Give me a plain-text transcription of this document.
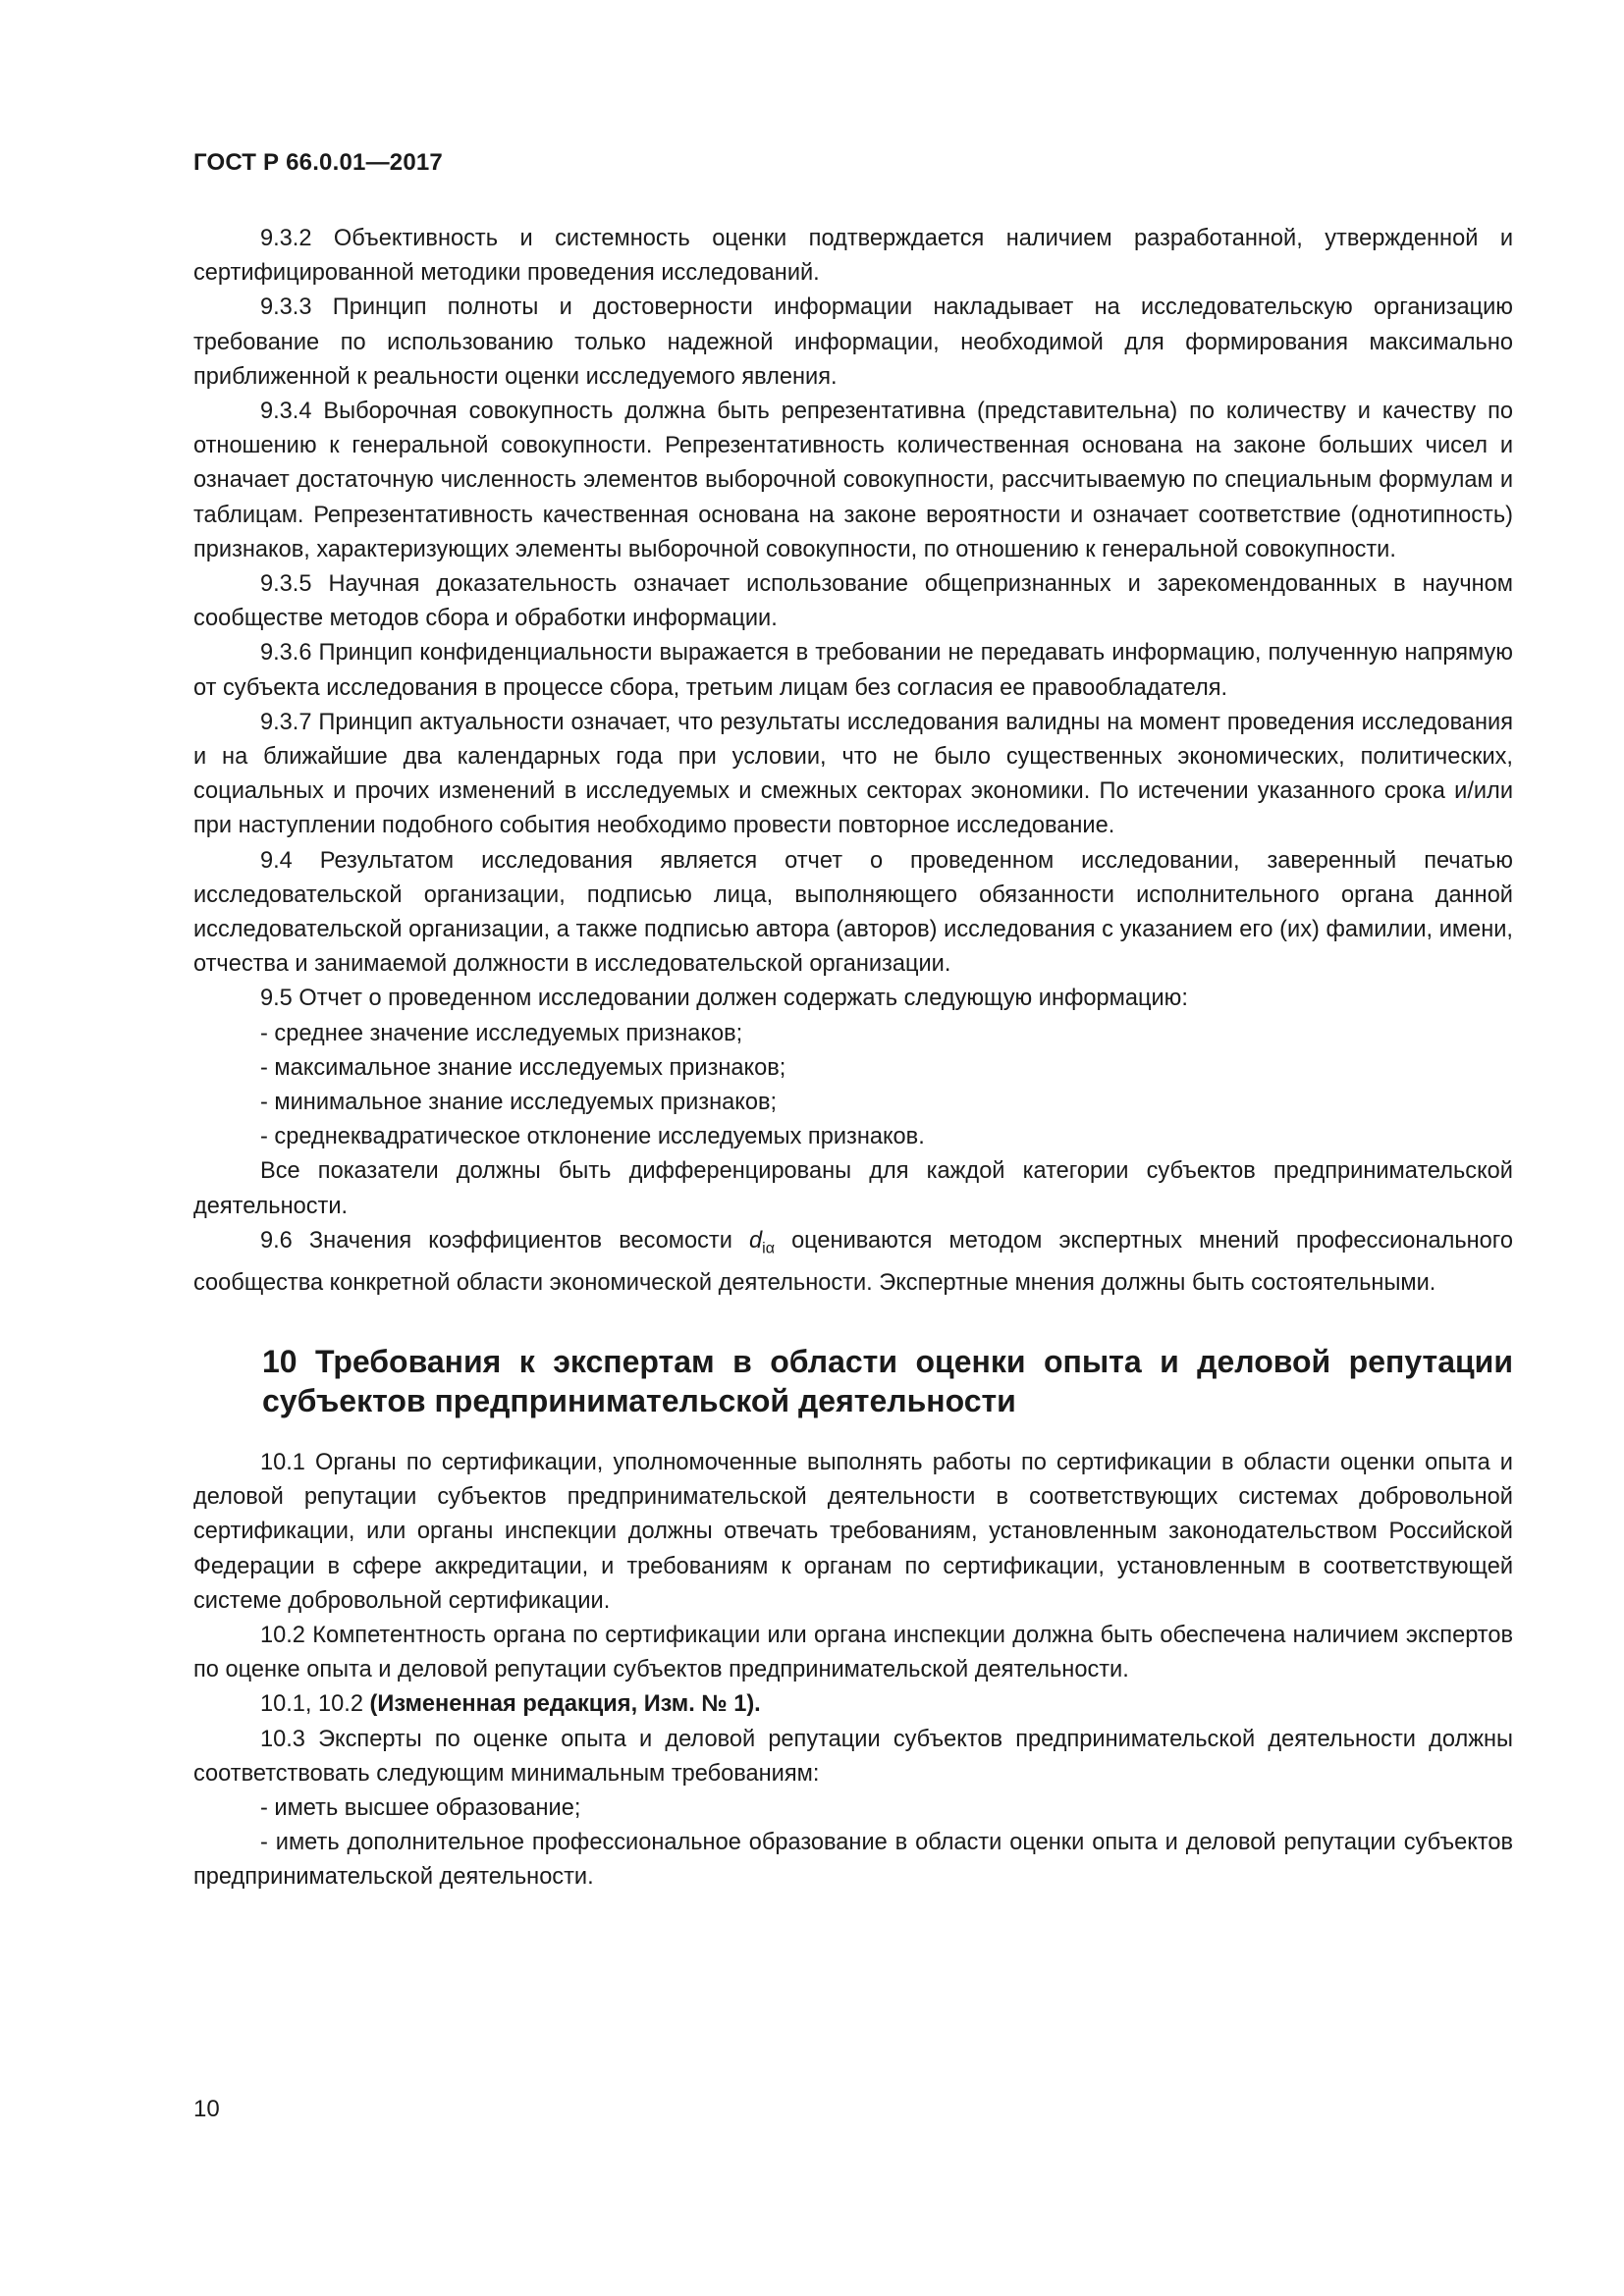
ГОСТ Р 66.0.01—2017

9.3.2 Объективность и системность оценки подтверждается наличием разработанной, утвержденной и сертифицированной методики проведения исследований.

9.3.3 Принцип полноты и достоверности информации накладывает на исследовательскую организацию требование по использованию только надежной информации, необходимой для формирования максимально приближенной к реальности оценки исследуемого явления.

9.3.4 Выборочная совокупность должна быть репрезентативна (представительна) по количеству и качеству по отношению к генеральной совокупности. Репрезентативность количественная основана на законе больших чисел и означает достаточную численность элементов выборочной совокупности, рассчитываемую по специальным формулам и таблицам. Репрезентативность качественная основана на законе вероятности и означает соответствие (однотипность) признаков, характеризующих элементы выборочной совокупности, по отношению к генеральной совокупности.

9.3.5 Научная доказательность означает использование общепризнанных и зарекомендованных в научном сообществе методов сбора и обработки информации.

9.3.6 Принцип конфиденциальности выражается в требовании не передавать информацию, полученную напрямую от субъекта исследования в процессе сбора, третьим лицам без согласия ее правообладателя.

9.3.7 Принцип актуальности означает, что результаты исследования валидны на момент проведения исследования и на ближайшие два календарных года при условии, что не было существенных экономических, политических, социальных и прочих изменений в исследуемых и смежных секторах экономики. По истечении указанного срока и/или при наступлении подобного события необходимо провести повторное исследование.

9.4 Результатом исследования является отчет о проведенном исследовании, заверенный печатью исследовательской организации, подписью лица, выполняющего обязанности исполнительного органа данной исследовательской организации, а также подписью автора (авторов) исследования с указанием его (их) фамилии, имени, отчества и занимаемой должности в исследовательской организации.

9.5 Отчет о проведенном исследовании должен содержать следующую информацию:

- среднее значение исследуемых признаков;

- максимальное знание исследуемых признаков;

- минимальное знание исследуемых признаков;

- среднеквадратическое отклонение исследуемых признаков.

Все показатели должны быть дифференцированы для каждой категории субъектов предпринимательской деятельности.

9.6 Значения коэффициентов весомости $d_{i\alpha}$ оцениваются методом экспертных мнений профессионального сообщества конкретной области экономической деятельности. Экспертные мнения должны быть состоятельными.

10 Требования к экспертам в области оценки опыта и деловой репутации субъектов предпринимательской деятельности

10.1 Органы по сертификации, уполномоченные выполнять работы по сертификации в области оценки опыта и деловой репутации субъектов предпринимательской деятельности в соответствующих системах добровольной сертификации, или органы инспекции должны отвечать требованиям, установленным законодательством Российской Федерации в сфере аккредитации, и требованиям к органам по сертификации, установленным в соответствующей системе добровольной сертификации.

10.2 Компетентность органа по сертификации или органа инспекции должна быть обеспечена наличием экспертов по оценке опыта и деловой репутации субъектов предпринимательской деятельности.

10.1, 10.2 (Измененная редакция, Изм. № 1).

10.3 Эксперты по оценке опыта и деловой репутации субъектов предпринимательской деятельности должны соответствовать следующим минимальным требованиям:

- иметь высшее образование;

- иметь дополнительное профессиональное образование в области оценки опыта и деловой репутации субъектов предпринимательской деятельности.

10
